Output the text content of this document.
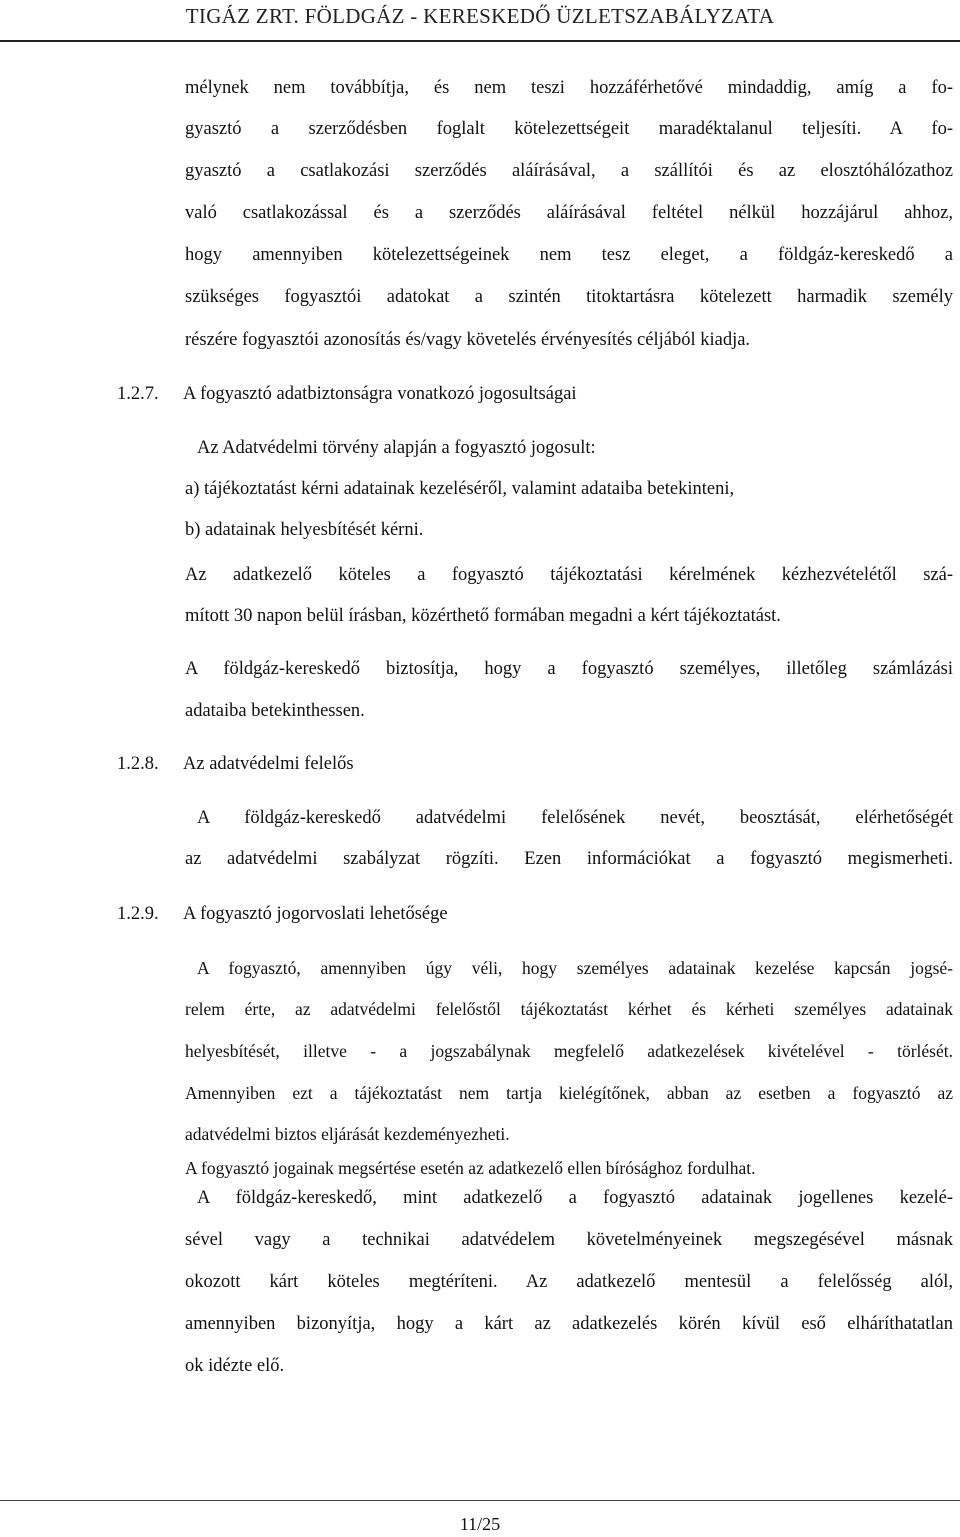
TIGÁZ ZRT. FÖLDGÁZ - KERESKEDŐ ÜZLETSZABÁLYZATA
mélynek nem továbbítja, és nem teszi hozzáférhetővé mindaddig, amíg a fo-
gyasztó a szerződésben foglalt kötelezettségeit maradéktalanul teljesíti. A fo-
gyasztó a csatlakozási szerződés aláírásával, a szállítói és az elosztóhálózathoz
való csatlakozással és a szerződés aláírásával feltétel nélkül hozzájárul ahhoz,
hogy amennyiben kötelezettségeinek nem tesz eleget, a földgáz-kereskedő a
szükséges fogyasztói adatokat a szintén titoktartásra kötelezett harmadik személy
részére fogyasztói azonosítás és/vagy követelés érvényesítés céljából kiadja.
1.2.7. A fogyasztó adatbiztonságra vonatkozó jogosultságai
Az Adatvédelmi törvény alapján a fogyasztó jogosult:
a) tájékoztatást kérni adatainak kezeléséről, valamint adataiba betekinteni,
b) adatainak helyesbítését kérni.
Az adatkezelő köteles a fogyasztó tájékoztatási kérelmének kézhezvételétől szá-
mított 30 napon belül írásban, közérthető formában megadni a kért tájékoztatást.
A földgáz-kereskedő biztosítja, hogy a fogyasztó személyes, illetőleg számlázási
adataiba betekinthessen.
1.2.8. Az adatvédelmi felelős
A földgáz-kereskedő adatvédelmi felelősének nevét, beosztását, elérhetőségét
az adatvédelmi szabályzat rögzíti. Ezen információkat a fogyasztó megismerheti.
1.2.9. A fogyasztó jogorvoslati lehetősége
A fogyasztó, amennyiben úgy véli, hogy személyes adatainak kezelése kapcsán jogsé-
relem érte, az adatvédelmi felelőstől tájékoztatást kérhet és kérheti személyes adatainak
helyesbítését, illetve - a jogszabálynak megfelelő adatkezelések kivételével - törlését.
Amennyiben ezt a tájékoztatást nem tartja kielégítőnek, abban az esetben a fogyasztó az
adatvédelmi biztos eljárását kezdeményezheti.
A fogyasztó jogainak megsértése esetén az adatkezelő ellen bírósághoz fordulhat.
A földgáz-kereskedő, mint adatkezelő a fogyasztó adatainak jogellenes kezelé-
sével vagy a technikai adatvédelem követelményeinek megszegésével másnak
okozott kárt köteles megtéríteni. Az adatkezelő mentesül a felelősség alól,
amennyiben bizonyítja, hogy a kárt az adatkezelés körén kívül eső elháríthatatlan
ok idézte elő.
11/25
